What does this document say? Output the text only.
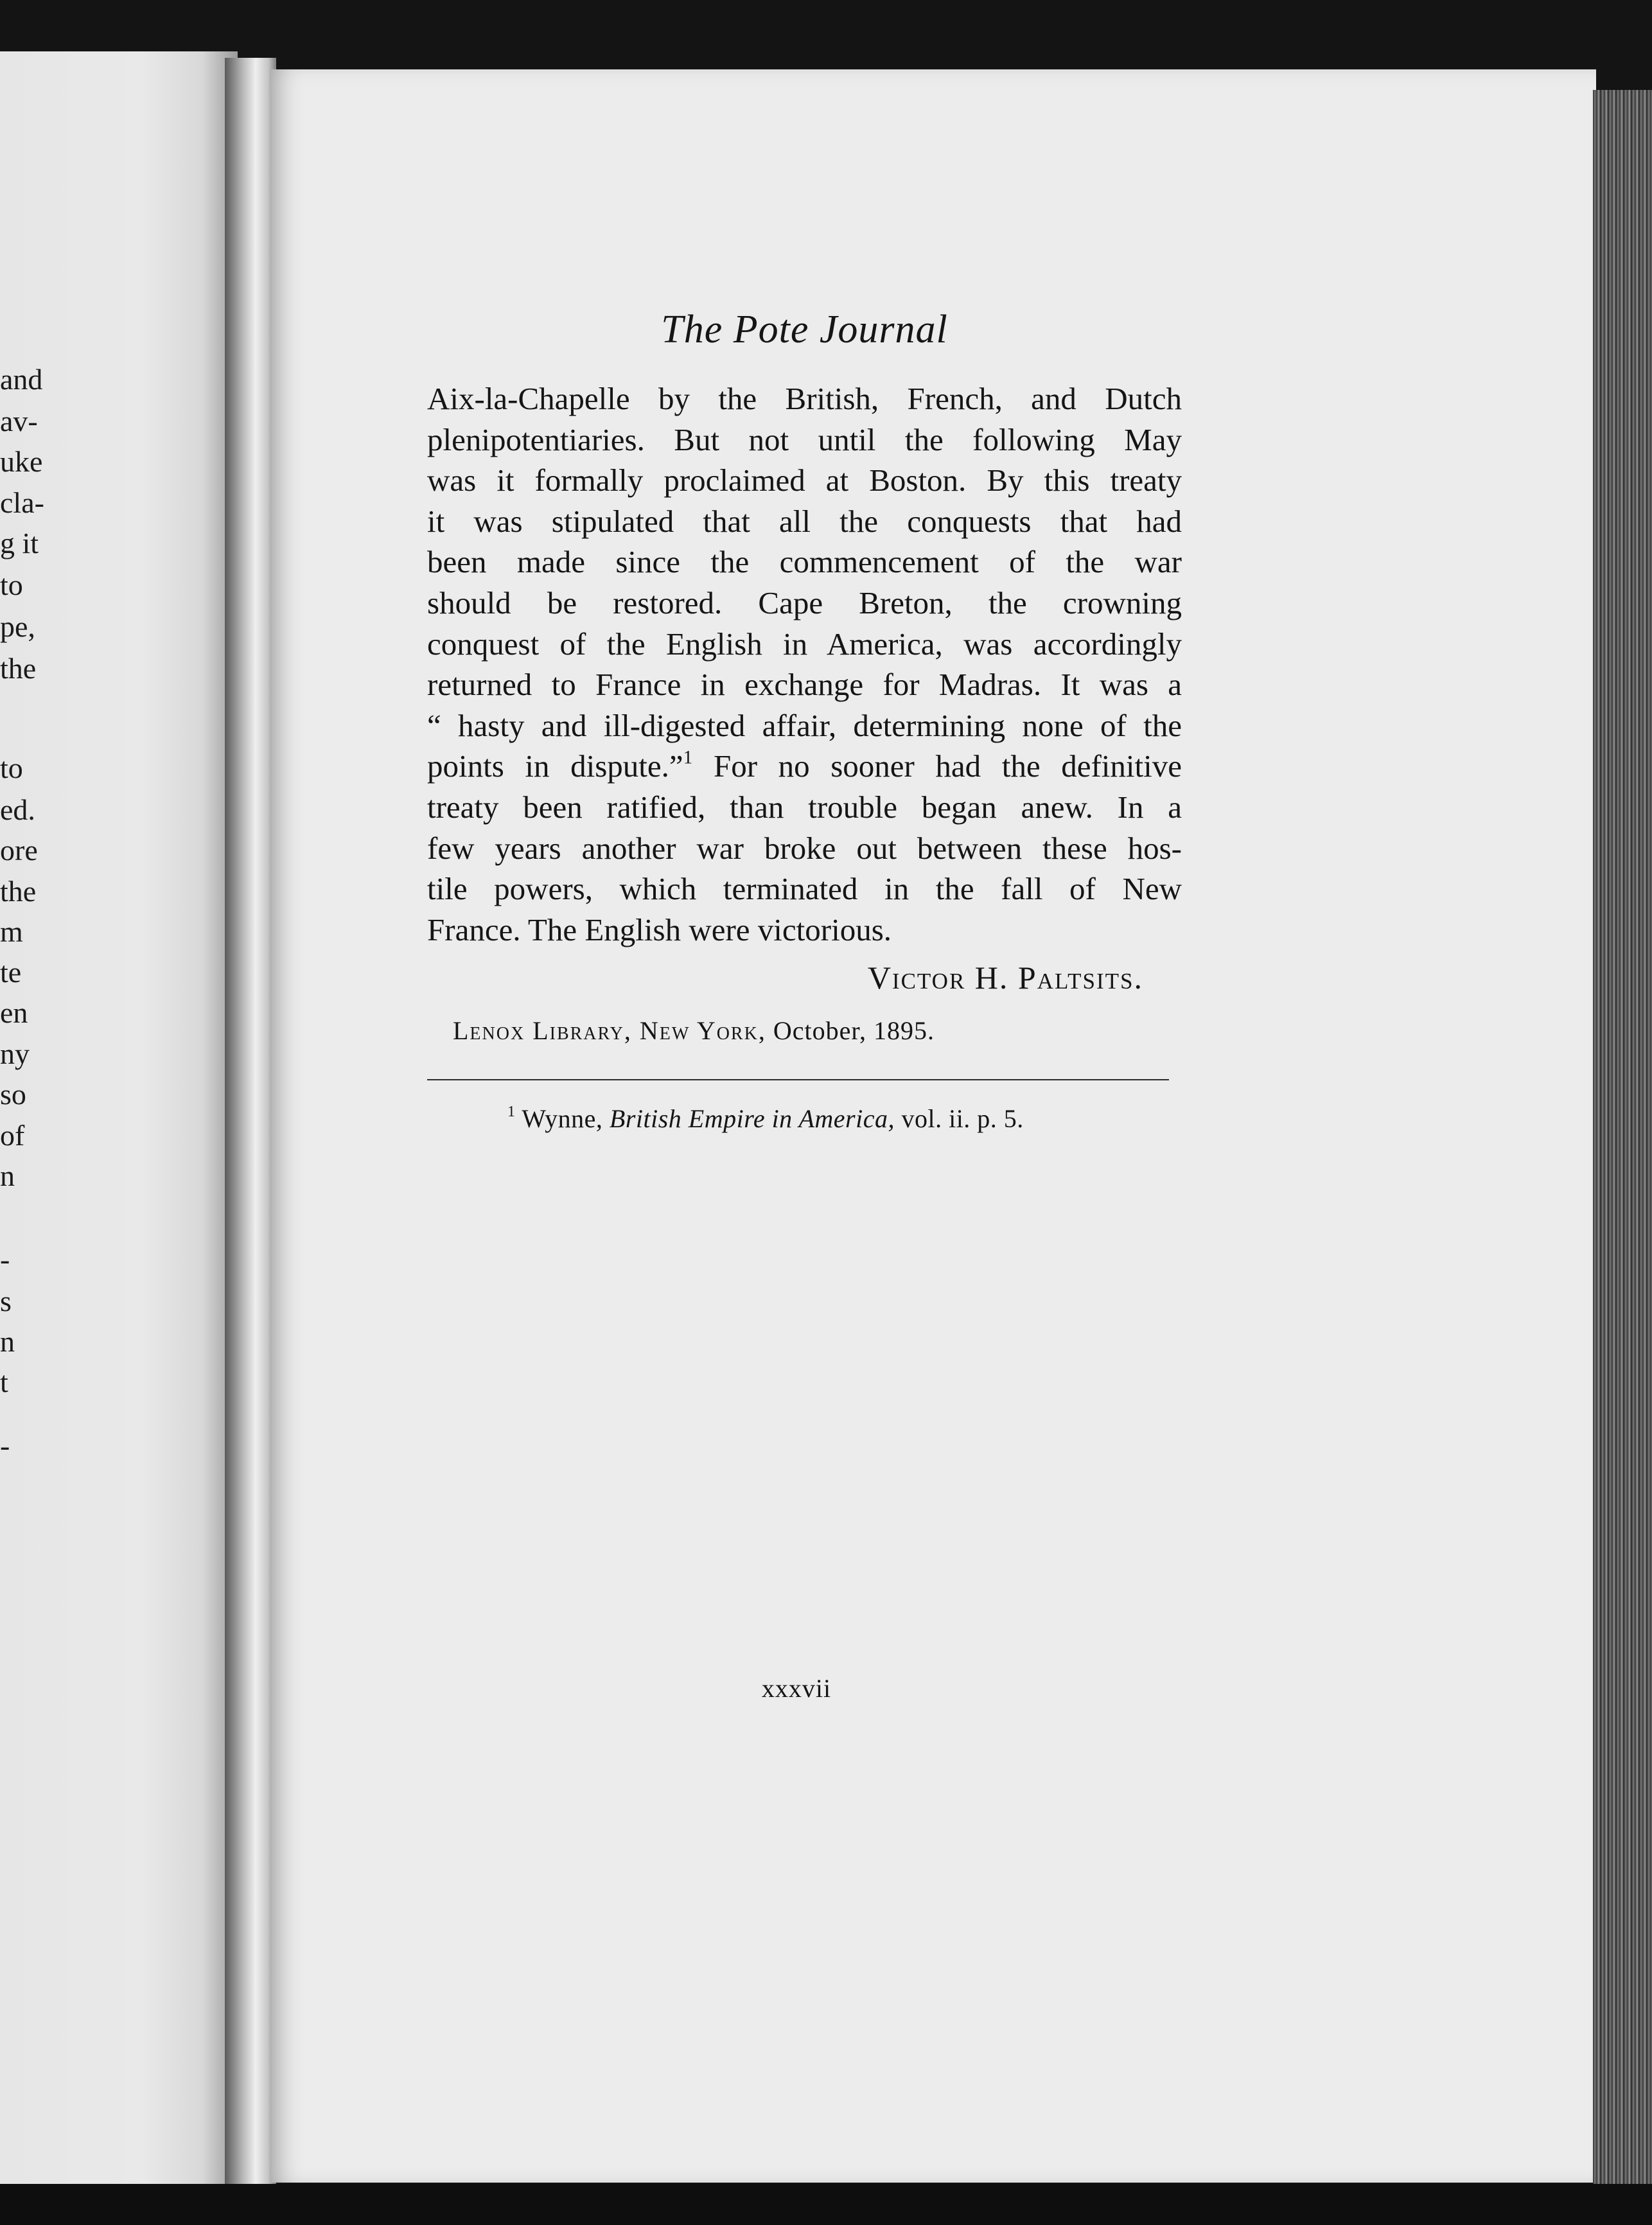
and
av-
uke
cla-
g it
to
pe,
the
to
ed.
ore
the
m
te
en
ny
so
of
n
-
s
n
t
-
The Pote Journal
Aix-la-Chapelle by the British, French, and Dutch
plenipotentiaries. But not until the following May
was it formally proclaimed at Boston. By this treaty
it was stipulated that all the conquests that had
been made since the commencement of the war
should be restored. Cape Breton, the crowning
conquest of the English in America, was accordingly
returned to France in exchange for Madras. It was a
“ hasty and ill-digested affair, determining none of the
points in dispute.”$^1$ For no sooner had the definitive
treaty been ratified, than trouble began anew. In a
few years another war broke out between these hos-
tile powers, which terminated in the fall of New
France. The English were victorious.
Victor H. Paltsits.
Lenox Library, New York, October, 1895.
$^1$ Wynne, British Empire in America, vol. ii. p. 5.
xxxvii
